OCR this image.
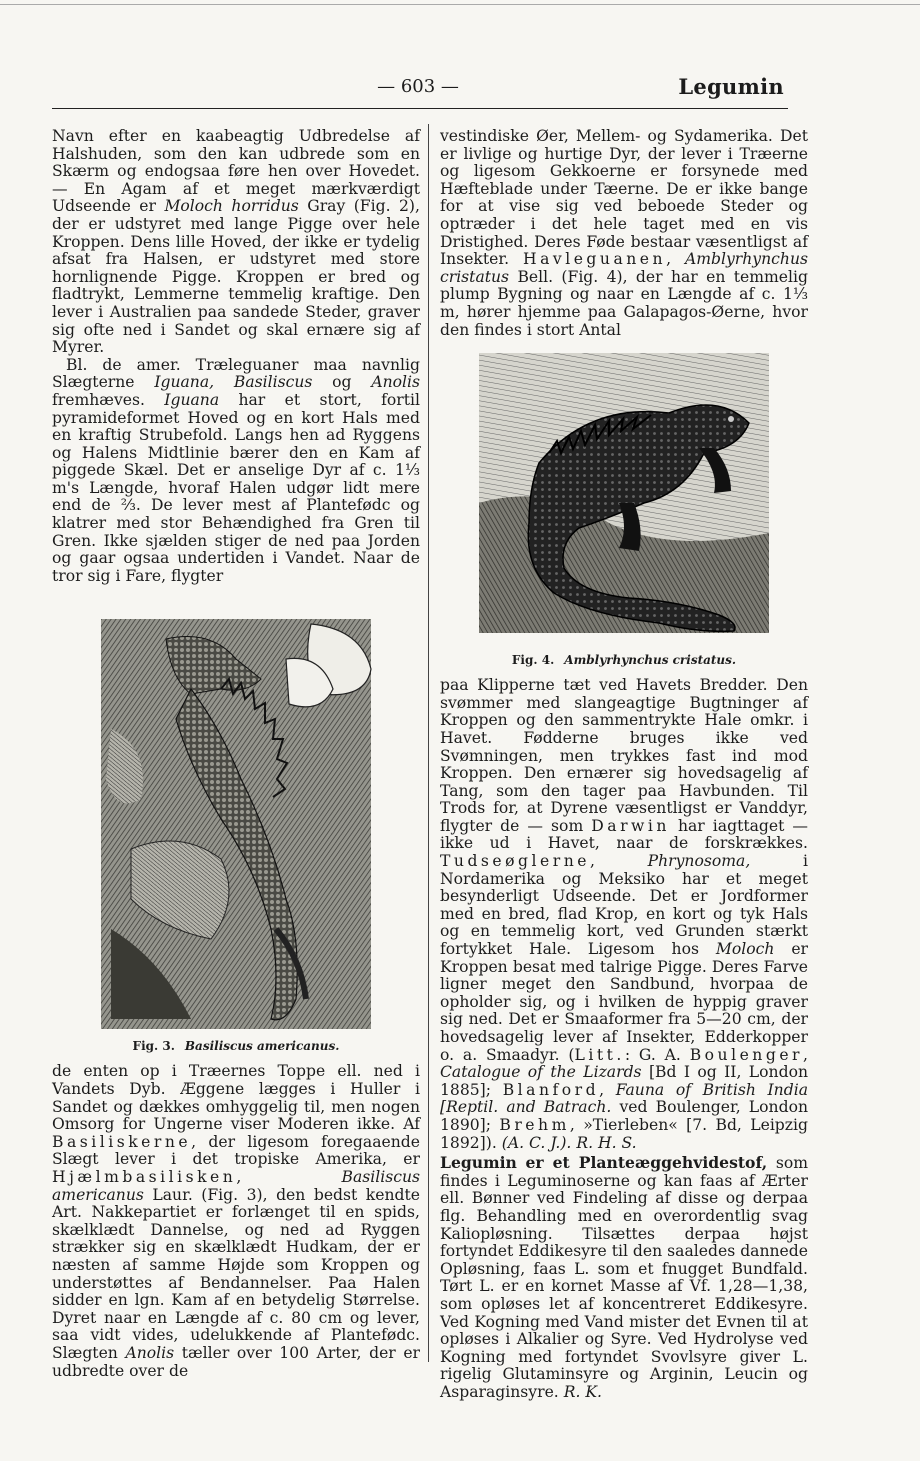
— 603 —	Legumin

Navn efter en kaabeagtig Udbredelse af Halshuden, som den kan udbrede som en Skærm og endogsaa føre hen over Hovedet. — En Agam af et meget mærkværdigt Udseende er Moloch horridus Gray (Fig. 2), der er udstyret med lange Pigge over hele Kroppen. Dens lille Hoved, der ikke er tydelig afsat fra Halsen, er udstyret med store hornlignende Pigge. Kroppen er bred og fladtrykt, Lemmerne temmelig kraftige. Den lever i Australien paa sandede Steder, graver sig ofte ned i Sandet og skal ernære sig af Myrer.

Bl. de amer. Træleguaner maa navnlig Slægterne Iguana, Basiliscus og Anolis fremhæves. Iguana har et stort, fortil pyramideformet Hoved og en kort Hals med en kraftig Strubefold. Langs hen ad Ryggens og Halens Midtlinie bærer den en Kam af piggede Skæl. Det er anselige Dyr af c. 1⅓ m's Længde, hvoraf Halen udgør lidt mere end de ⅔. De lever mest af Plantefødc og klatrer med stor Behændighed fra Gren til Gren. Ikke sjælden stiger de ned paa Jorden og gaar ogsaa undertiden i Vandet. Naar de tror sig i Fare, flygter

Fig. 3. Basiliscus americanus.

de enten op i Træernes Toppe ell. ned i Vandets Dyb. Æggene lægges i Huller i Sandet og dækkes omhyggelig til, men nogen Omsorg for Ungerne viser Moderen ikke. Af Basiliskerne, der ligesom foregaaende Slægt lever i det tropiske Amerika, er Hjælmbasilisken,	Basiliscus americanus Laur. (Fig. 3), den bedst kendte Art. Nakkepartiet er forlænget til en spids, skælklædt Dannelse, og ned ad Ryggen strækker sig en skælklædt Hudkam, der er næsten af samme Højde som Kroppen og understøttes af Bendannelser. Paa Halen sidder en lgn. Kam af en betydelig Størrelse. Dyret naar en Længde af c. 80 cm og lever, saa vidt vides, udelukkende af Plantefødc. Slægten Anolis tæller over 100 Arter, der er udbredte over de

vestindiske Øer, Mellem- og Sydamerika. Det er livlige og hurtige Dyr, der lever i Træerne og ligesom Gekkoerne er forsynede med Hæfteblade under Tæerne. De er ikke bange for at vise sig ved beboede Steder og optræder i det hele taget med en vis Dristighed. Deres Føde bestaar væsentligst af Insekter. Havleguanen, Amblyrhynchus cristatus Bell. (Fig. 4), der har en temmelig plump Bygning og naar en Længde af c. 1⅓ m, hører hjemme paa Galapagos-Øerne, hvor den findes i stort Antal

Fig. 4. Amblyrhynchus cristatus.

paa Klipperne tæt ved Havets Bredder. Den svømmer med slangeagtige Bugtninger af Kroppen og den sammentrykte Hale omkr. i Havet. Fødderne bruges ikke ved Svømningen, men trykkes fast ind mod Kroppen. Den ernærer sig hovedsagelig af Tang, som den tager paa Havbunden. Til Trods for, at Dyrene væsentligst er Vanddyr, flygter de — som Darwin har iagttaget — ikke ud i Havet, naar de forskrækkes. Tudseøglerne,	Phrynosoma,	i Nordamerika og Meksiko har et meget besynderligt Udseende. Det er Jordformer med en bred, flad Krop, en kort og tyk Hals og en temmelig kort, ved Grunden stærkt fortykket Hale. Ligesom hos Moloch er Kroppen besat med talrige Pigge. Deres Farve ligner meget den Sandbund, hvorpaa de opholder sig, og i hvilken de hyppig graver sig ned. Det er Smaaformer fra 5—20 cm, der hovedsagelig lever af Insekter, Edderkopper o. a. Smaadyr. (Litt.: G. A. Boulenger, Catalogue of the Lizards [Bd I og II, London 1885]; Blanford, Fauna of British India [Reptil. and Batrach. ved Boulenger, London 1890]; Brehm, »Tierleben« [7. Bd, Leipzig 1892]). (A. C. J.). R. H. S.

Legumin er et Planteæggehvidestof, som findes i Leguminoserne og kan faas af Ærter ell. Bønner ved Findeling af disse og derpaa flg. Behandling med en overordentlig svag Kaliopløsning. Tilsættes derpaa højst fortyndet Eddikesyre til den saaledes dannede Opløsning, faas L. som et fnugget Bundfald. Tørt L. er en kornet Masse af Vf. 1,28—1,38, som opløses let af koncentreret Eddikesyre. Ved Kogning med Vand mister det Evnen til at opløses i Alkalier og Syre. Ved Hydrolyse ved Kogning med fortyndet Svovlsyre giver L. rigelig Glutaminsyre og Arginin, Leucin og Asparaginsyre. R. K.
